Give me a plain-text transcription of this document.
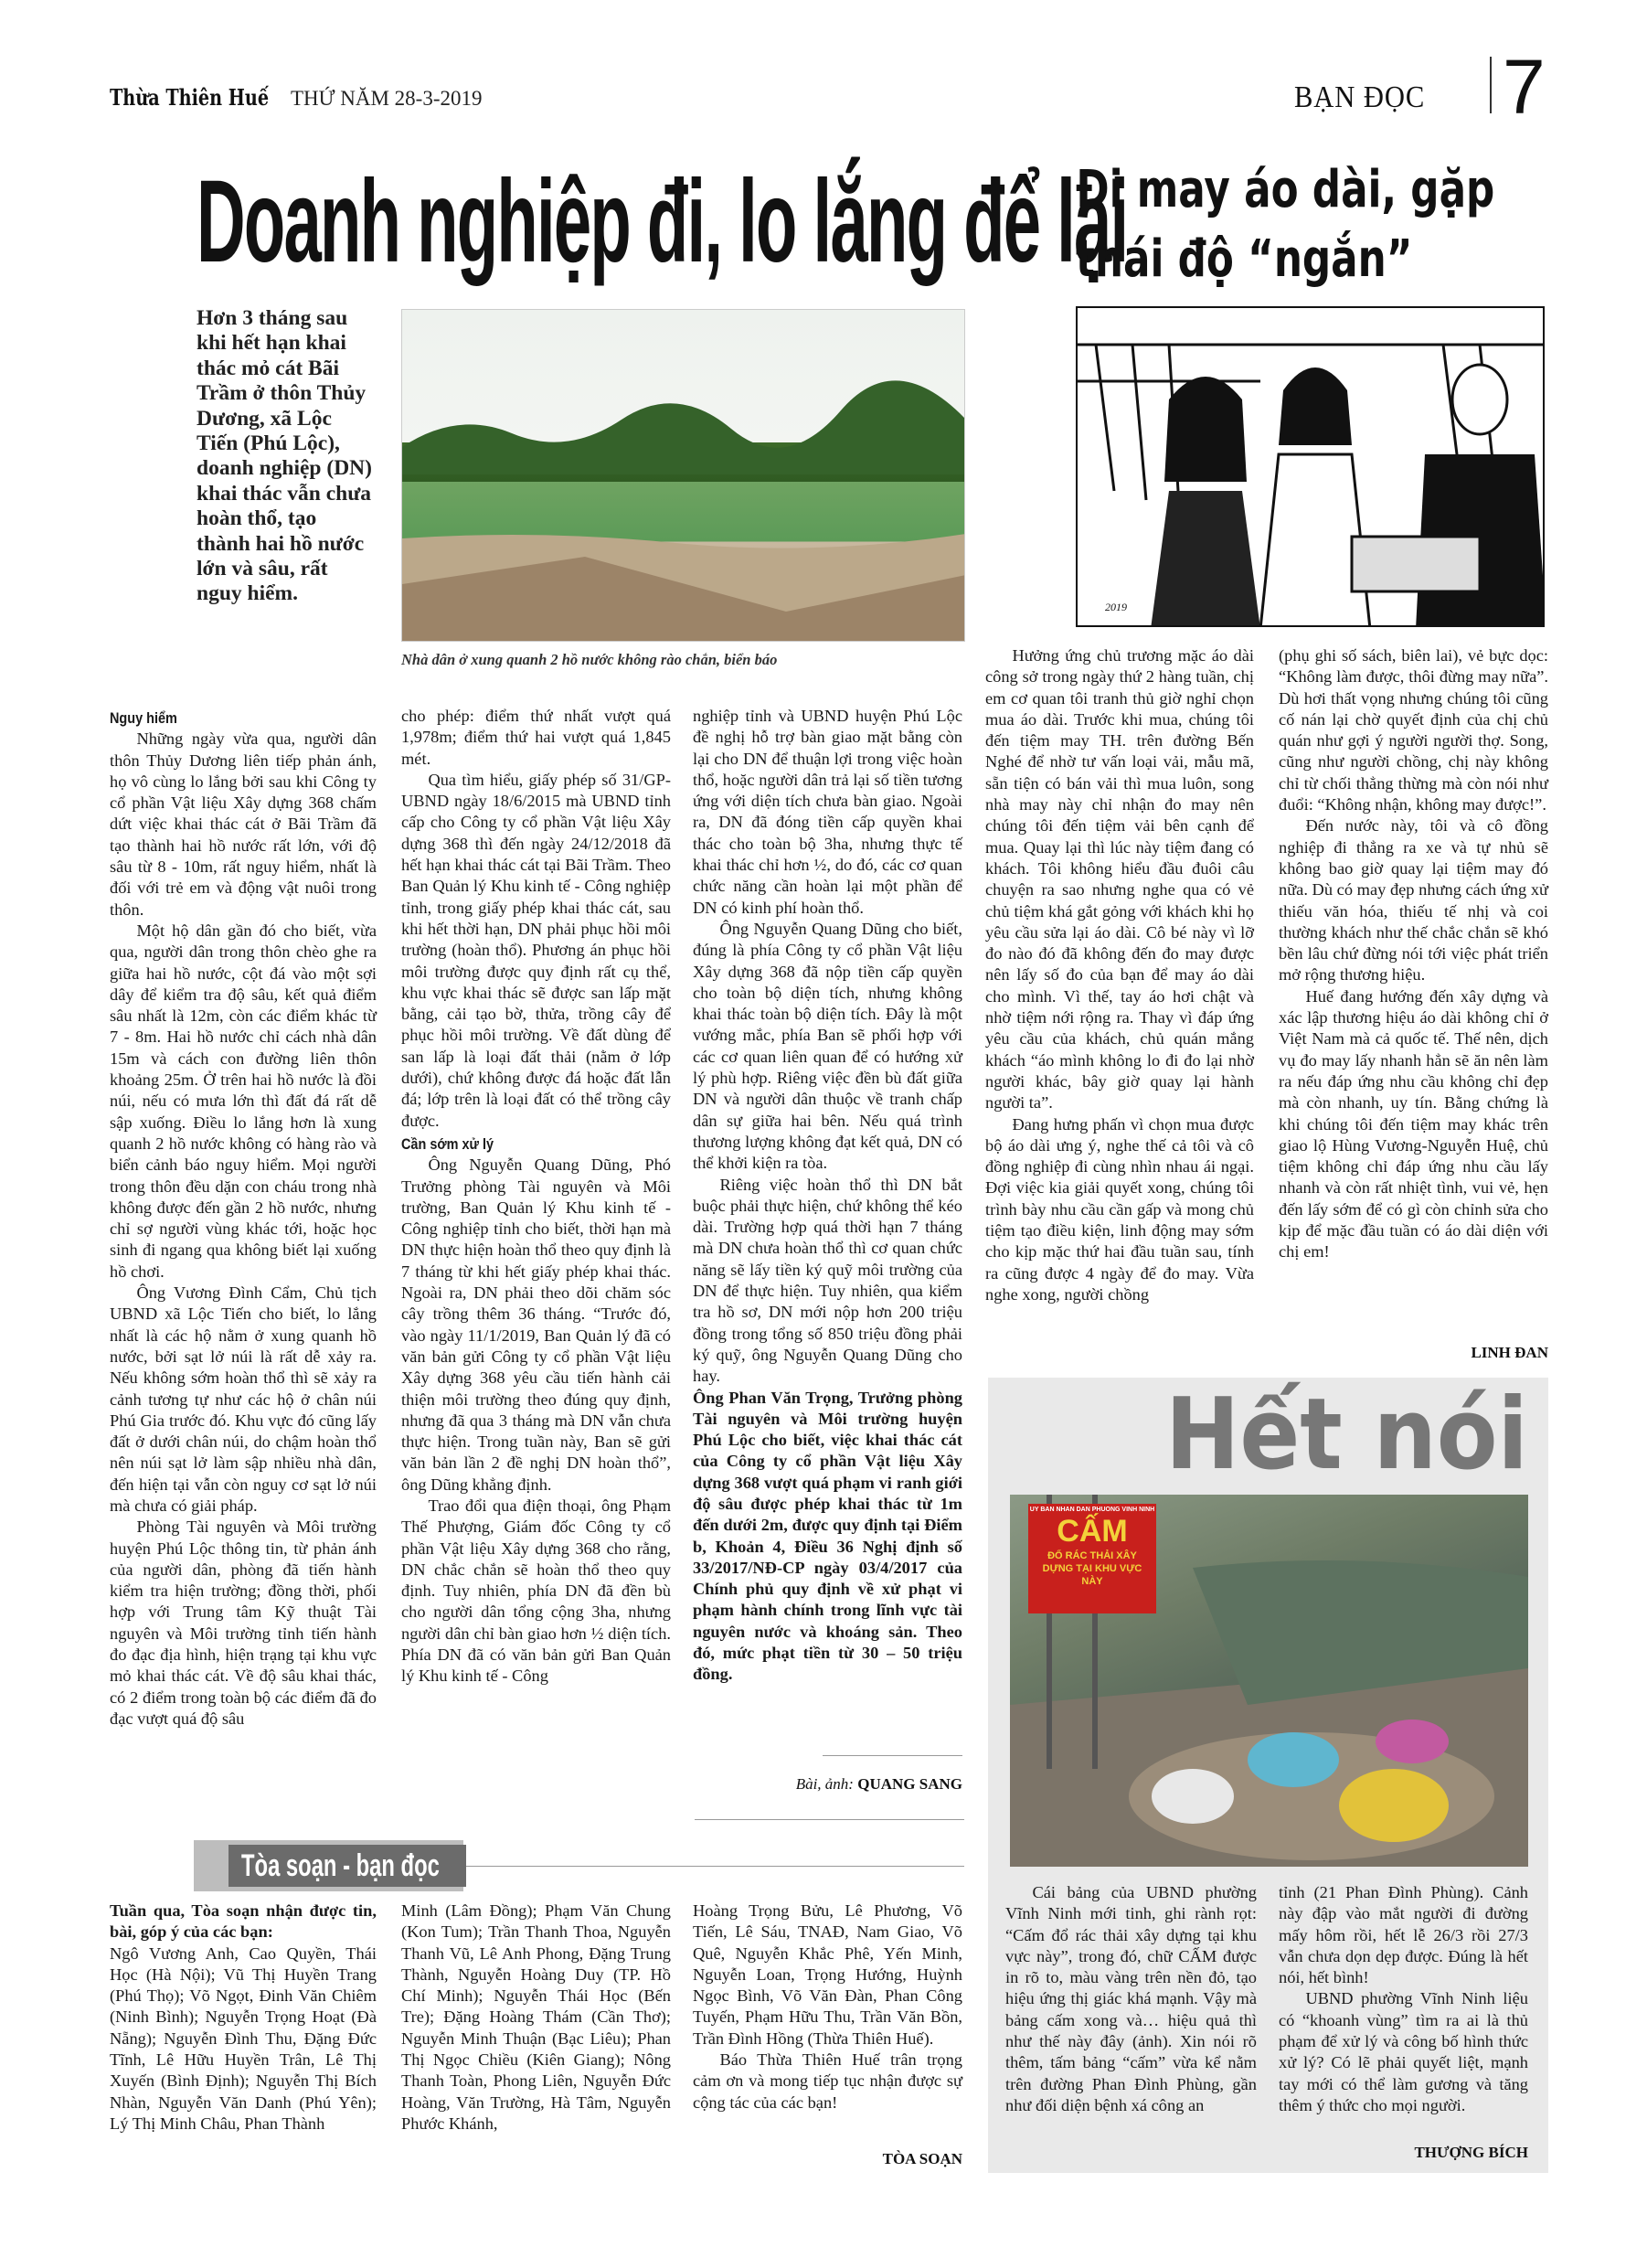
Thừa Thiên Huế THỨ NĂM 28-3-2019	BẠN ĐỌC 7
Doanh nghiệp đi, lo lắng để lại
Hơn 3 tháng sau khi hết hạn khai thác mỏ cát Bãi Trầm ở thôn Thủy Dương, xã Lộc Tiến (Phú Lộc), doanh nghiệp (DN) khai thác vẫn chưa hoàn thổ, tạo thành hai hồ nước lớn và sâu, rất nguy hiểm.
Nhà dân ở xung quanh 2 hồ nước không rào chắn, biển báo

Nguy hiểm

Những ngày vừa qua, người dân thôn Thủy Dương liên tiếp phản ánh, họ vô cùng lo lắng bởi sau khi Công ty cổ phần Vật liệu Xây dựng 368 chấm dứt việc khai thác cát ở Bãi Trầm đã tạo thành hai hồ nước rất lớn, với độ sâu từ 8 - 10m, rất nguy hiểm, nhất là đối với trẻ em và động vật nuôi trong thôn.

Một hộ dân gần đó cho biết, vừa qua, người dân trong thôn chèo ghe ra giữa hai hồ nước, cột đá vào một sợi dây để kiểm tra độ sâu, kết quả điểm sâu nhất là 12m, còn các điểm khác từ 7 - 8m. Hai hồ nước chỉ cách nhà dân 15m và cách con đường liên thôn khoảng 25m. Ở trên hai hồ nước là đồi núi, nếu có mưa lớn thì đất đá rất dễ sập xuống. Điều lo lắng hơn là xung quanh 2 hồ nước không có hàng rào và biển cảnh báo nguy hiểm. Mọi người trong thôn đều dặn con cháu trong nhà không được đến gần 2 hồ nước, nhưng chỉ sợ người vùng khác tới, hoặc học sinh đi ngang qua không biết lại xuống hồ chơi.

Ông Vương Đình Cẩm, Chủ tịch UBND xã Lộc Tiến cho biết, lo lắng nhất là các hộ nằm ở xung quanh hồ nước, bởi sạt lở núi là rất dễ xảy ra. Nếu không sớm hoàn thổ thì sẽ xảy ra cảnh tương tự như các hộ ở chân núi Phú Gia trước đó. Khu vực đó cũng lấy đất ở dưới chân núi, do chậm hoàn thổ nên núi sạt lở làm sập nhiều nhà dân, đến hiện tại vẫn còn nguy cơ sạt lở núi mà chưa có giải pháp.

Phòng Tài nguyên và Môi trường huyện Phú Lộc thông tin, từ phản ánh của người dân, phòng đã tiến hành kiểm tra hiện trường; đồng thời, phối hợp với Trung tâm Kỹ thuật Tài nguyên và Môi trường tỉnh tiến hành đo đạc địa hình, hiện trạng tại khu vực mỏ khai thác cát. Về độ sâu khai thác, có 2 điểm trong toàn bộ các điểm đã đo đạc vượt quá độ sâu

cho phép: điểm thứ nhất vượt quá 1,978m; điểm thứ hai vượt quá 1,845 mét.

Qua tìm hiểu, giấy phép số 31/GP-UBND ngày 18/6/2015 mà UBND tỉnh cấp cho Công ty cổ phần Vật liệu Xây dựng 368 thì đến ngày 24/12/2018 đã hết hạn khai thác cát tại Bãi Trầm. Theo Ban Quản lý Khu kinh tế - Công nghiệp tỉnh, trong giấy phép khai thác cát, sau khi hết thời hạn, DN phải phục hồi môi trường (hoàn thổ). Phương án phục hồi môi trường được quy định rất cụ thể, khu vực khai thác sẽ được san lấp mặt bằng, cải tạo bờ, thửa, trồng cây để phục hồi môi trường. Về đất dùng để san lấp là loại đất thải (nằm ở lớp dưới), chứ không được đá hoặc đất lẫn đá; lớp trên là loại đất có thể trồng cây được.

Cần sớm xử lý

Ông Nguyễn Quang Dũng, Phó Trưởng phòng Tài nguyên và Môi trường, Ban Quản lý Khu kinh tế - Công nghiệp tỉnh cho biết, thời hạn mà DN thực hiện hoàn thổ theo quy định là 7 tháng từ khi hết giấy phép khai thác. Ngoài ra, DN phải theo dõi chăm sóc cây trồng thêm 36 tháng. “Trước đó, vào ngày 11/1/2019, Ban Quản lý đã có văn bản gửi Công ty cổ phần Vật liệu Xây dựng 368 yêu cầu tiến hành cải thiện môi trường theo đúng quy định, nhưng đã qua 3 tháng mà DN vẫn chưa thực hiện. Trong tuần này, Ban sẽ gửi văn bản lần 2 đề nghị DN hoàn thổ”, ông Dũng khẳng định.

Trao đổi qua điện thoại, ông Phạm Thế Phượng, Giám đốc Công ty cổ phần Vật liệu Xây dựng 368 cho rằng, DN chắc chắn sẽ hoàn thổ theo quy định. Tuy nhiên, phía DN đã đền bù cho người dân tổng cộng 3ha, nhưng người dân chỉ bàn giao hơn ½ diện tích. Phía DN đã có văn bản gửi Ban Quản lý Khu kinh tế - Công

nghiệp tỉnh và UBND huyện Phú Lộc đề nghị hỗ trợ bàn giao mặt bằng còn lại cho DN để thuận lợi trong việc hoàn thổ, hoặc người dân trả lại số tiền tương ứng với diện tích chưa bàn giao. Ngoài ra, DN đã đóng tiền cấp quyền khai thác cho toàn bộ 3ha, nhưng thực tế khai thác chỉ hơn ½, do đó, các cơ quan chức năng cần hoàn lại một phần để DN có kinh phí hoàn thổ.

Ông Nguyễn Quang Dũng cho biết, đúng là phía Công ty cổ phần Vật liệu Xây dựng 368 đã nộp tiền cấp quyền cho toàn bộ diện tích, nhưng không khai thác toàn bộ diện tích. Đây là một vướng mắc, phía Ban sẽ phối hợp với các cơ quan liên quan để có hướng xử lý phù hợp. Riêng việc đền bù đất giữa DN và người dân thuộc về tranh chấp dân sự giữa hai bên. Nếu quá trình thương lượng không đạt kết quả, DN có thể khởi kiện ra tòa.

Riêng việc hoàn thổ thì DN bắt buộc phải thực hiện, chứ không thể kéo dài. Trường hợp quá thời hạn 7 tháng mà DN chưa hoàn thổ thì cơ quan chức năng sẽ lấy tiền ký quỹ môi trường của DN để thực hiện. Tuy nhiên, qua kiểm tra hồ sơ, DN mới nộp hơn 200 triệu đồng trong tổng số 850 triệu đồng phải ký quỹ, ông Nguyễn Quang Dũng cho hay.

Ông Phan Văn Trọng, Trưởng phòng Tài nguyên và Môi trường huyện Phú Lộc cho biết, việc khai thác cát của Công ty cổ phần Vật liệu Xây dựng 368 vượt quá phạm vi ranh giới độ sâu được phép khai thác từ 1m đến dưới 2m, được quy định tại Điểm b, Khoản 4, Điều 36 Nghị định số 33/2017/NĐ-CP ngày 03/4/2017 của Chính phủ quy định về xử phạt vi phạm hành chính trong lĩnh vực tài nguyên nước và khoáng sản. Theo đó, mức phạt tiền từ 30 – 50 triệu đồng.

Bài, ảnh: QUANG SANG
2019
Đi may áo dài, gặp thái độ “ngắn”

Hưởng ứng chủ trương mặc áo dài công sở trong ngày thứ 2 hàng tuần, chị em cơ quan tôi tranh thủ giờ nghỉ chọn mua áo dài. Trước khi mua, chúng tôi đến tiệm may TH. trên đường Bến Nghé để nhờ tư vấn loại vải, mẫu mã, sẵn tiện có bán vải thì mua luôn, song nhà may này chỉ nhận đo may nên chúng tôi đến tiệm vải bên cạnh để mua. Quay lại thì lúc này tiệm đang có khách. Tôi không hiểu đầu đuôi câu chuyện ra sao nhưng nghe qua có vẻ chủ tiệm khá gắt gỏng với khách khi họ yêu cầu sửa lại áo dài. Cô bé này vì lỡ đo nào đó đã không đến đo may được nên lấy số đo của bạn để may áo dài cho mình. Vì thế, tay áo hơi chật và nhờ tiệm nới rộng ra. Thay vì đáp ứng yêu cầu của khách, chủ quán mắng khách “áo mình không lo đi đo lại nhờ người khác, bây giờ quay lại hành người ta”.

Đang hưng phấn vì chọn mua được bộ áo dài ưng ý, nghe thế cả tôi và cô đồng nghiệp đi cùng nhìn nhau ái ngại. Đợi việc kia giải quyết xong, chúng tôi trình bày nhu cầu cần gấp và mong chủ tiệm tạo điều kiện, linh động may sớm cho kịp mặc thứ hai đầu tuần sau, tính ra cũng được 4 ngày để đo may. Vừa nghe xong, người chồng

(phụ ghi số sách, biên lai), vẻ bực dọc: “Không làm được, thôi đừng may nữa”. Dù hơi thất vọng nhưng chúng tôi cũng cố nán lại chờ quyết định của chị chủ quán như gợi ý người người thợ. Song, cũng như người chồng, chị này không chỉ từ chối thẳng thừng mà còn nói như đuổi: “Không nhận, không may được!”.

Đến nước này, tôi và cô đồng nghiệp đi thẳng ra xe và tự nhủ sẽ không bao giờ quay lại tiệm may đó nữa. Dù có may đẹp nhưng cách ứng xử thiếu văn hóa, thiếu tế nhị và coi thường khách như thế chắc chắn sẽ khó bền lâu chứ đừng nói tới việc phát triển mở rộng thương hiệu.

Huế đang hướng đến xây dựng và xác lập thương hiệu áo dài không chỉ ở Việt Nam mà cả quốc tế. Thế nên, dịch vụ đo may lấy nhanh hẳn sẽ ăn nên làm ra nếu đáp ứng nhu cầu không chỉ đẹp mà còn nhanh, uy tín. Bằng chứng là khi chúng tôi đến tiệm may khác trên giao lộ Hùng Vương-Nguyễn Huệ, chủ tiệm không chỉ đáp ứng nhu cầu lấy nhanh và còn rất nhiệt tình, vui vẻ, hẹn đến lấy sớm để có gì còn chỉnh sửa cho kịp để mặc đầu tuần có áo dài diện với chị em!

LINH ĐAN
Hết nói
UY BAN NHAN DAN PHUONG VINH NINH
CẤM
ĐỔ RÁC THẢI XÂY DỰNG TẠI KHU VỰC NÀY

Cái bảng của UBND phường Vĩnh Ninh mới tinh, ghi rành rọt: “Cấm đổ rác thải xây dựng tại khu vực này”, trong đó, chữ CẤM được in rõ to, màu vàng trên nền đỏ, tạo hiệu ứng thị giác khá mạnh. Vậy mà bảng cấm xong và… hiệu quả thì như thế này đây (ảnh). Xin nói rõ thêm, tấm bảng “cấm” vừa kể nằm trên đường Phan Đình Phùng, gần như đối diện bệnh xá công an

tỉnh (21 Phan Đình Phùng). Cảnh này đập vào mắt người đi đường mấy hôm rồi, hết lễ 26/3 rồi 27/3 vẫn chưa dọn dẹp được. Đúng là hết nói, hết bình!

UBND phường Vĩnh Ninh liệu có “khoanh vùng” tìm ra ai là thủ phạm để xử lý và công bố hình thức xử lý? Có lẽ phải quyết liệt, mạnh tay mới có thể làm gương và tăng thêm ý thức cho mọi người.

THƯỢNG BÍCH
Tòa soạn - bạn đọc

Tuần qua, Tòa soạn nhận được tin, bài, góp ý của các bạn:

Ngô Vương Anh, Cao Quyền, Thái Học (Hà Nội); Vũ Thị Huyền Trang (Phú Thọ); Võ Ngọt, Đinh Văn Chiêm (Ninh Bình); Nguyễn Trọng Hoạt (Đà Nẵng); Nguyễn Đình Thu, Đặng Đức Tĩnh, Lê Hữu Huyền Trân, Lê Thị Xuyến (Bình Định); Nguyễn Thị Bích Nhàn, Nguyễn Văn Danh (Phú Yên); Lý Thị Minh Châu, Phan Thành

Minh (Lâm Đồng); Phạm Văn Chung (Kon Tum); Trần Thanh Thoa, Nguyễn Thanh Vũ, Lê Anh Phong, Đặng Trung Thành, Nguyễn Hoàng Duy (TP. Hồ Chí Minh); Nguyễn Thái Học (Bến Tre); Đặng Hoàng Thám (Cần Thơ); Nguyễn Minh Thuận (Bạc Liêu); Phan Thị Ngọc Chiều (Kiên Giang); Nông Thanh Toàn, Phong Liên, Nguyễn Đức Hoàng, Văn Trường, Hà Tâm, Nguyễn Phước Khánh,

Hoàng Trọng Bửu, Lê Phương, Võ Tiến, Lê Sáu, TNAĐ, Nam Giao, Võ Quê, Nguyễn Khắc Phê, Yến Minh, Nguyễn Loan, Trọng Hướng, Huỳnh Ngọc Bình, Võ Văn Đàn, Phan Công Tuyến, Phạm Hữu Thu, Trần Văn Bồn, Trần Đình Hồng (Thừa Thiên Huế).

Báo Thừa Thiên Huế trân trọng cảm ơn và mong tiếp tục nhận được sự cộng tác của các bạn!

TÒA SOẠN
